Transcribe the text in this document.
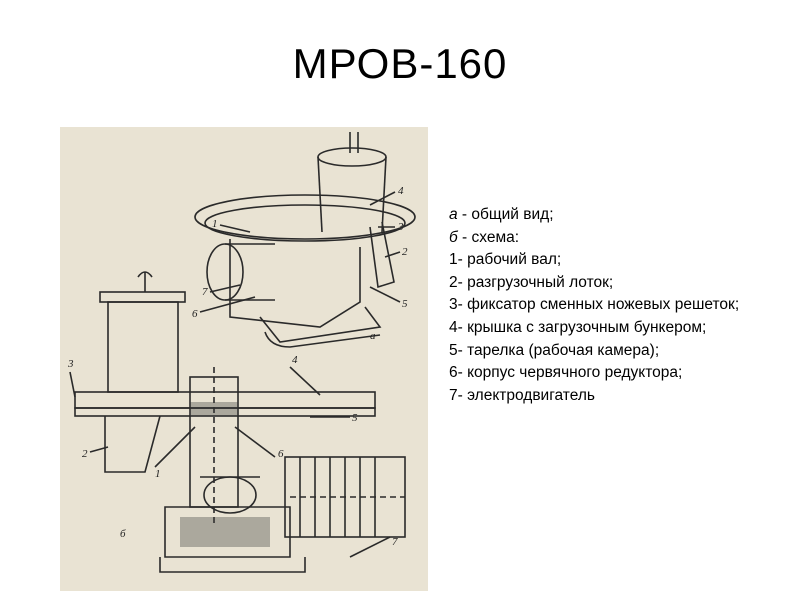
МРОВ-160
1
2
3
4
5
6
7
а
1
2
3	4
5
6
7
б
а - общий вид;
б - схема:
1- рабочий вал;
2- разгрузочный лоток;
3- фиксатор сменных ножевых решеток;
4- крышка с загрузочным бункером;
5- тарелка (рабочая камера);
6- корпус червячного редуктора;
7- электродвигатель
